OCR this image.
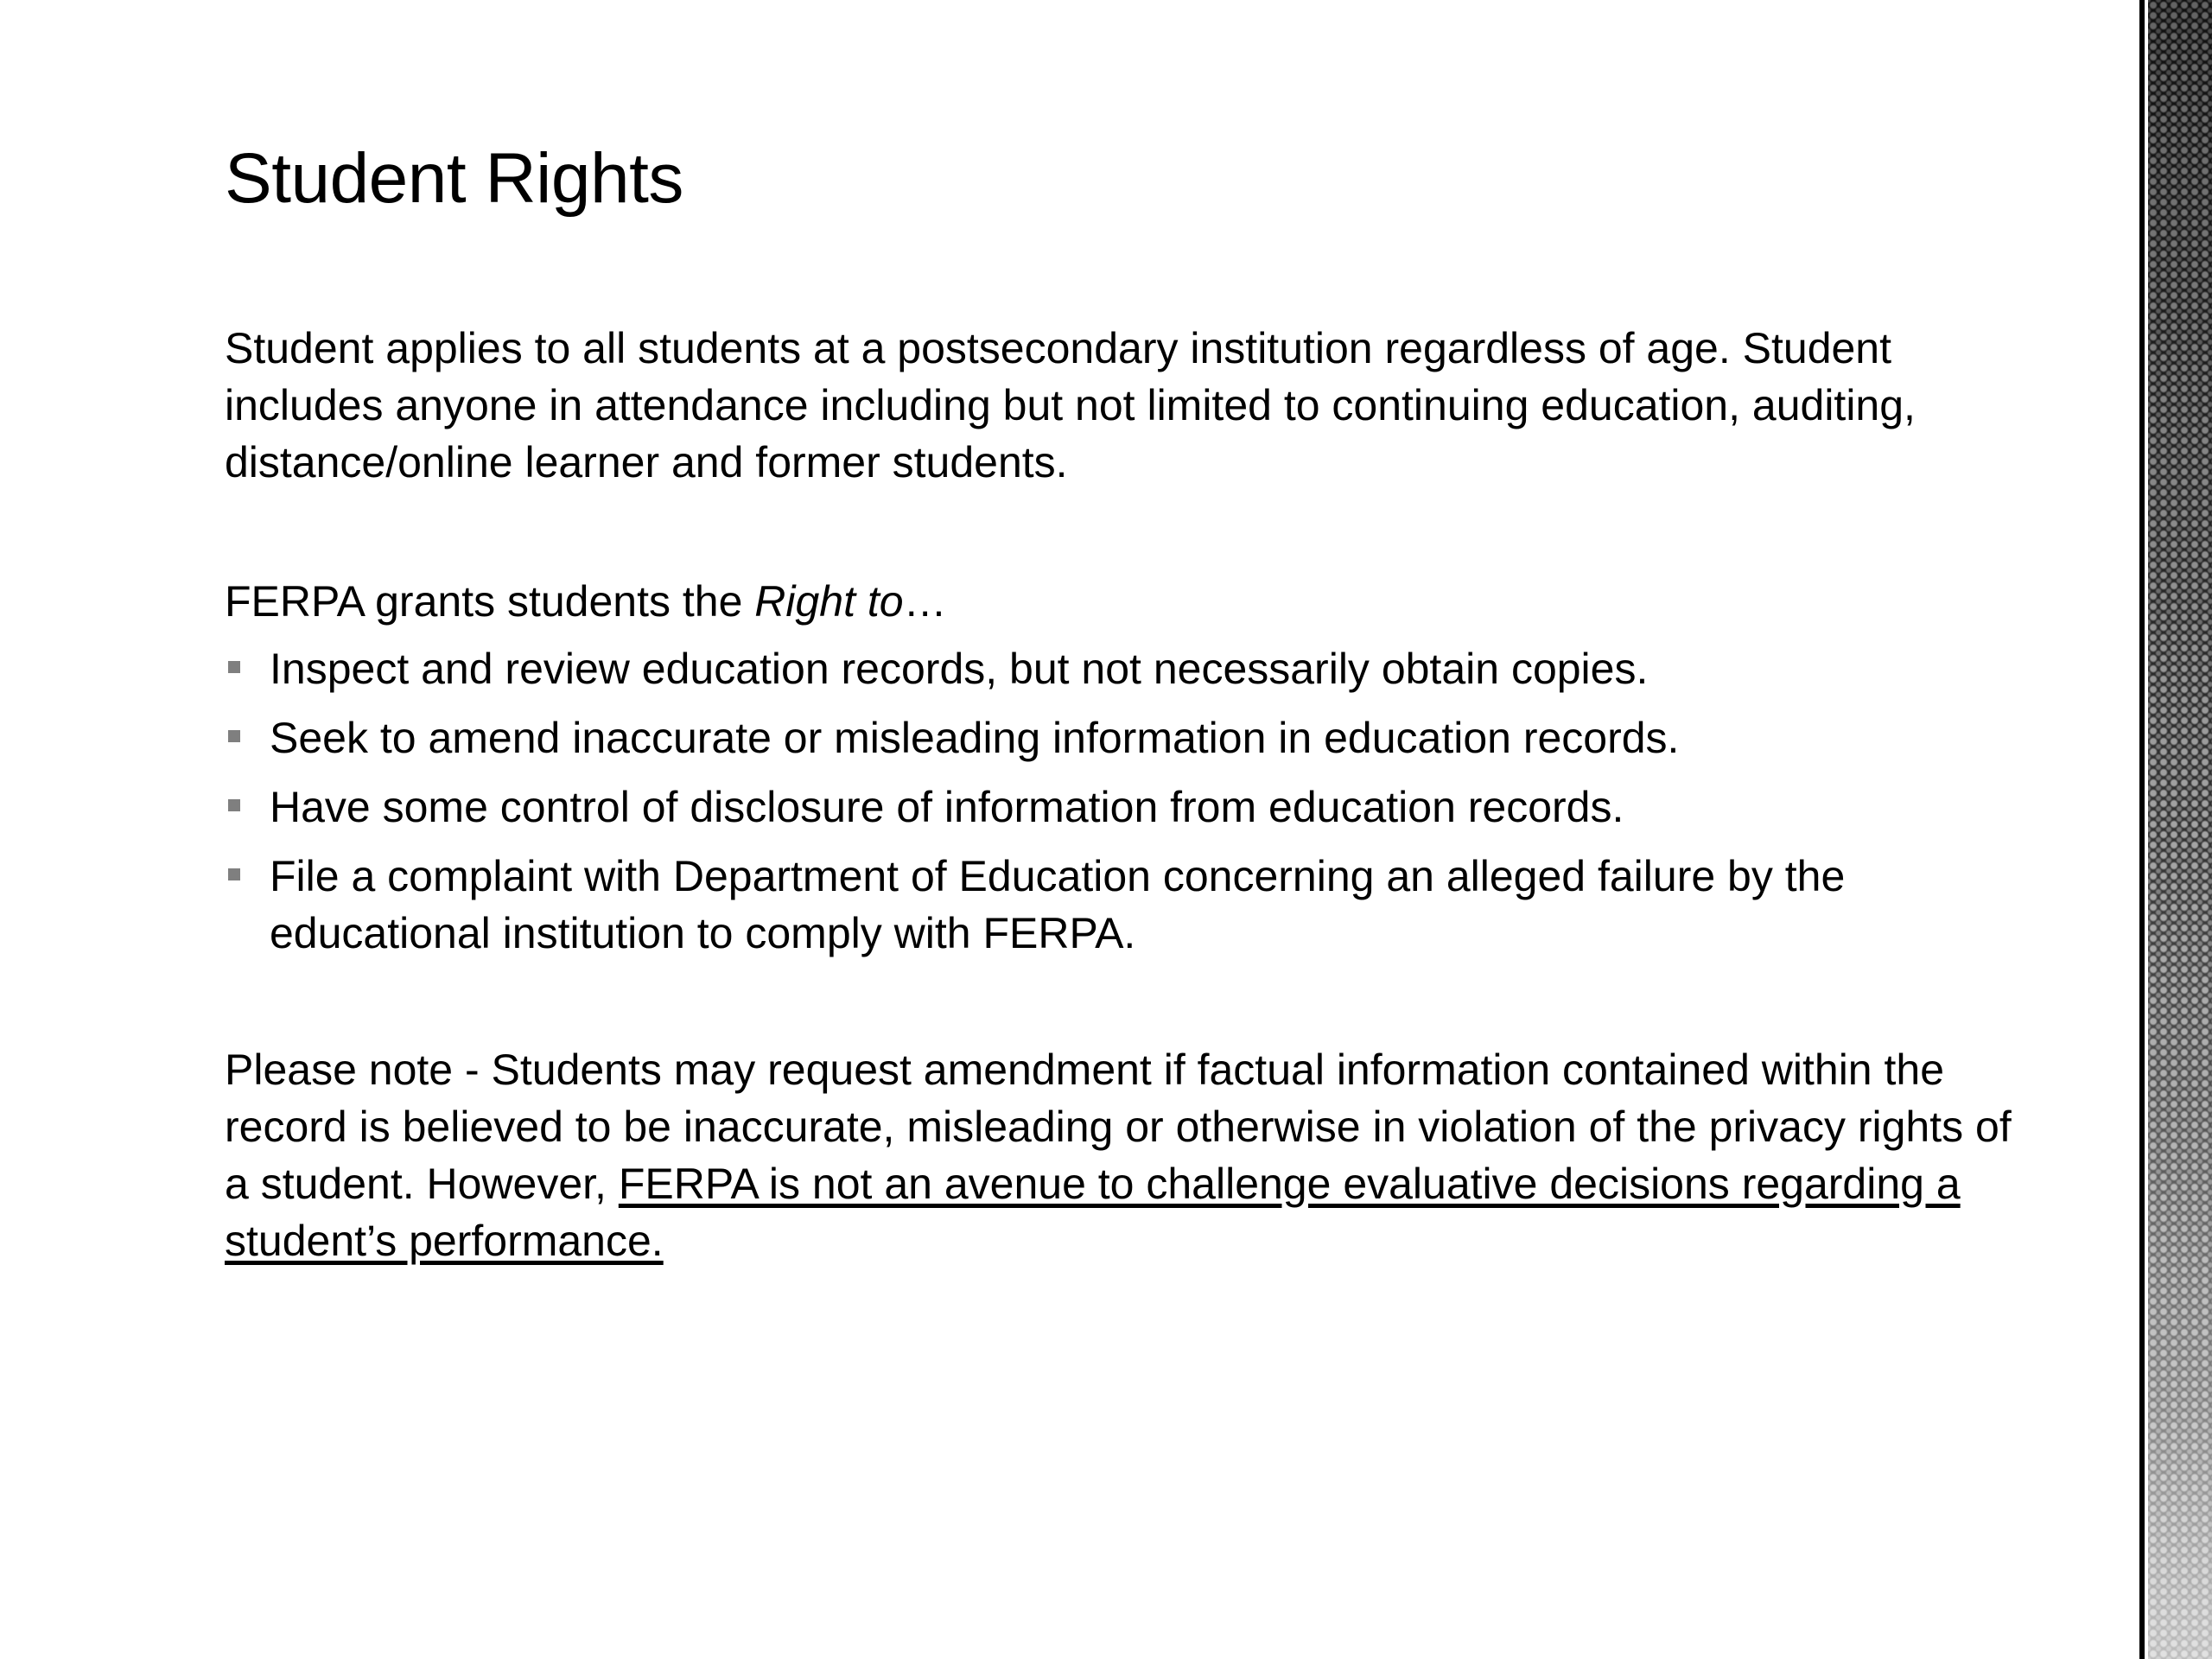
Student Rights

Student applies to all students at a postsecondary institution regardless of age. Student includes anyone in attendance including but not limited to continuing education, auditing, distance/online learner and former students.

FERPA grants students the Right to…

Inspect and review education records, but not necessarily obtain copies.
Seek to amend inaccurate or misleading information in education records.
Have some control of disclosure of information from education records.
File a complaint with Department of Education concerning an alleged failure by the educational institution to comply with FERPA.

Please note - Students may request amendment if factual information contained within the record is believed to be inaccurate, misleading or otherwise in violation of the privacy rights of a student. However, FERPA is not an avenue to challenge evaluative decisions regarding a student’s performance.
